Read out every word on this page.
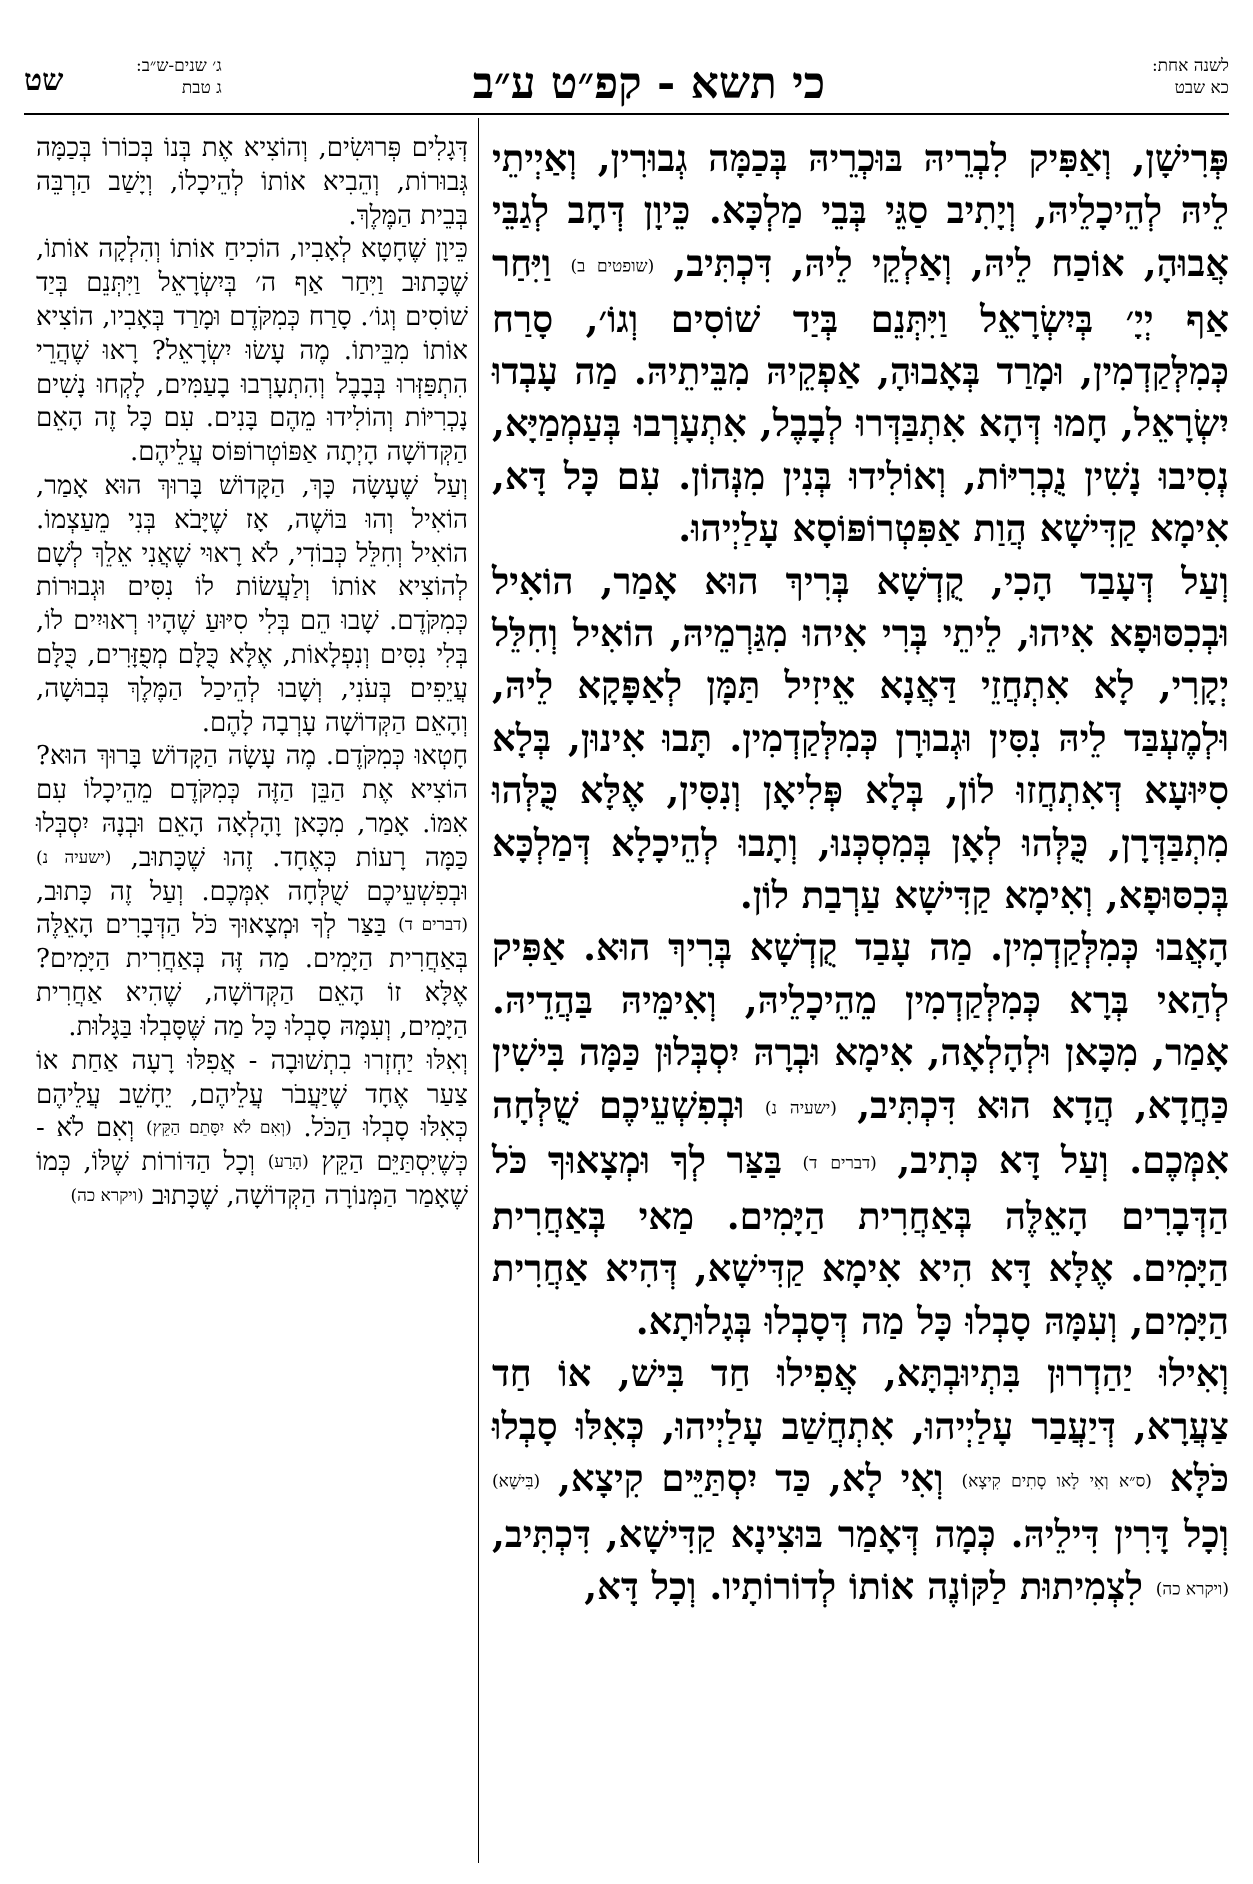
שט	ג׳ שנים-ש״ב:
ג טבת	כי תשא - קפ״ט ע״ב	לשנה אחת:
כא שבט

פְּרִישָׁן, וְאַפִּיק לִבְרֵיהּ בּוּכְרֵיהּ בְּכַמָּה גְבוּרִין, וְאַיְיתֵי לֵיהּ לְהֵיכָלֵיהּ, וְיָתִיב סַגֵּי בְּבֵי מַלְכָּא. כֵּיוָן דְּחָב לְגַבֵּי אֲבוּהָ, אוֹכַח לֵיהּ, וְאַלְקֵי לֵיהּ, דִּכְתִּיב, (שופטים ב) וַיִּחַר אַף יְיָ׳ בְּיִשְׂרָאֵל וַיִּתְּנֵם בְּיַד שׁוֹסִים וְגוֹ׳, סָרַח כְּמִלְּקַדְמִין, וּמָרַד בְּאָבוּהָ, אַפְקֵיהּ מִבֵּיתֵיהּ. מַה עָבְדוּ יִשְׂרָאֵל, חָמוּ דְּהָא אִתְבַּדְּרוּ לְבָבֶל, אִתְעָרְבוּ בְּעַמְמַיָּא, נְסִיבוּ נָשִׁין נֻכְרִיּוֹת, וְאוֹלִידוּ בְּנִין מִנְּהוֹן. עִם כָּל דָּא, אִימָא קַדִּישָׁא הֲוַת אַפִּטְרוֹפּוֹסָא עָלַיְיהוּ.

וְעַל דְּעָבַד הָכִי, קֻדְשָׁא בְּרִיךְ הוּא אָמַר, הוֹאִיל וּבְכִסּוּפָא אִיהוּ, לֵיתֵי בְּרִי אִיהוּ מִגַּרְמֵיהּ, הוֹאִיל וְחִלֵּל יְקָרִי, לָא אִתְחֲזֵי דַּאֲנָא אֵיזִיל תַּמָּן לְאַפָּקָא לֵיהּ, וּלְמֶעְבַּד לֵיהּ נִסִּין וּגְבוּרָן כְּמִלְּקַדְמִין. תָּבוּ אִינוּן, בְּלָא סִיּוּעָא דְּאִתְחֲזוּ לוֹן, בְּלָא פְּלִיאָן וְנִסִּין, אֶלָּא כֻּלְּהוּ מִתְבַּדְּרָן, כֻּלְּהוּ לְאָן בְּמִסְכְּנוּ, וְתָבוּ לְהֵיכָלָא דְּמַלְכָּא בְּכִסּוּפָא, וְאִימָא קַדִּישָׁא עַרְבַת לוֹן.

הָאֲבוּ כְּמִלְּקַדְמִין. מַה עָבַד קֻדְשָׁא בְּרִיךְ הוּא. אַפִּיק לְהַאי בְּרָא כְּמִלְּקַדְמִין מֵהֵיכָלֵיהּ, וְאִימֵּיהּ בַּהֲדֵיהּ. אָמַר, מִכָּאן וּלְהָלְאָה, אִימָא וּבְרָהּ יִסְבְּלוּן כַּמָּה בִּישִׁין כַּחֲדָא, הֲדָא הוּא דִּכְתִּיב, (ישעיה נ) וּבְפִשְׁעֵיכֶם שֻׁלְּחָה אִמְּכֶם. וְעַל דָּא כְּתִיב, (דברים ד) בַּצַּר לְךָ וּמְצָאוּךָ כֹּל הַדְּבָרִים הָאֵלֶּה בְּאַחֲרִית הַיָּמִים. מַאי בְּאַחֲרִית הַיָּמִים. אֶלָּא דָּא הִיא אִימָא קַדִּישָׁא, דְּהִיא אַחֲרִית הַיָּמִים, וְעִמָּהּ סָבְלוּ כָּל מַה דְּסָבְלוּ בְּגָלוּתָא.

וְאִילוּ יַהַדְרוּן בִּתְיוּבְתָּא, אֲפִילוּ חַד בִּישׁ, אוֹ חַד צַעֲרָא, דְּיַעֲבַר עָלַיְיהוּ, אִתְחֲשַׁב עָלַיְיהוּ, כְּאִלּוּ סָבְלוּ כֹּלָּא (ס״א וְאִי לָאו סָתִים קִיצָא) וְאִי לָא, כַּד יִסְתַּיֵּים קִיצָא, (בִּישָׁא) וְכָל דָּרִין דִּילֵיהּ. כְּמָה דְּאָמַר בּוּצִינָא קַדִּישָׁא, דִּכְתִּיב, (ויקרא כה) לִצְמִיתוּת לַקּוֹנֶה אוֹתוֹ לְדוֹרוֹתָיו. וְכָל דָּא,

דְּגָלִים פְּרוּשִׂים, וְהוֹצִיא אֶת בְּנוֹ בְּכוֹרוֹ בְּכַמָּה גְּבוּרוֹת, וְהֵבִיא אוֹתוֹ לְהֵיכָלוֹ, וְיָשַׁב הַרְבֵּה בְּבֵית הַמֶּלֶךְ.

כֵּיוָן שֶׁחָטָא לְאָבִיו, הוֹכִיחַ אוֹתוֹ וְהִלְקָה אוֹתוֹ, שֶׁכָּתוּב וַיִּחַר אַף ה׳ בְּיִשְׂרָאֵל וַיִּתְּנֵם בְּיַד שׁוֹסִים וְגוֹ׳. סָרַח כְּמִקֹּדֶם וּמָרַד בְּאָבִיו, הוֹצִיא אוֹתוֹ מִבֵּיתוֹ. מֶה עָשׂוּ יִשְׂרָאֵל? רָאוּ שֶׁהֲרֵי הִתְפַּזְּרוּ בְּבָבֶל וְהִתְעָרְבוּ בָעַמִּים, לָקְחוּ נָשִׁים נָכְרִיּוֹת וְהוֹלִידוּ מֵהֶם בָּנִים. עִם כָּל זֶה הָאֵם הַקְּדוֹשָׁה הָיְתָה אַפּוֹטְרוֹפּוֹס עֲלֵיהֶם.

וְעַל שֶׁעָשָׂה כָּךְ, הַקָּדוֹשׁ בָּרוּךְ הוּא אָמַר, הוֹאִיל וְהוּ בּוֹשֶׁה, אָז שֶׁיָּבֹא בְּנִי מֵעַצְמוֹ. הוֹאִיל וְחִלֵּל כְּבוֹדִי, לֹא רָאוּי שֶׁאֲנִי אֵלֵךְ לְשָׁם לְהוֹצִיא אוֹתוֹ וְלַעֲשׂוֹת לוֹ נִסִּים וּגְבוּרוֹת כְּמִקֹּדֶם. שָׁבוּ הֵם בְּלִי סִיּוּעַ שֶׁהָיוּ רְאוּיִים לוֹ, בְּלִי נִסִּים וְנִפְלָאוֹת, אֶלָּא כֻּלָּם מְפֻזָּרִים, כֻּלָּם עֲיֵפִים בְּעֹנִי, וְשָׁבוּ לְהֵיכַל הַמֶּלֶךְ בְּבוּשָׁה, וְהָאֵם הַקְּדוֹשָׁה עָרְבָה לָהֶם.

חָטְאוּ כְּמִקֹּדֶם. מֶה עָשָׂה הַקָּדוֹשׁ בָּרוּךְ הוּא? הוֹצִיא אֶת הַבֵּן הַזֶּה כְּמִקֹּדֶם מֵהֵיכָלוֹ עִם אִמּוֹ. אָמַר, מִכָּאן וָהָלְאָה הָאֵם וּבְנָהּ יִסְבְּלוּ כַּמָּה רָעוֹת כְּאֶחָד. זֶהוּ שֶׁכָּתוּב, (ישעיה נ) וּבְפִשְׁעֵיכֶם שֻׁלְּחָה אִמְּכֶם. וְעַל זֶה כָּתוּב, (דברים ד) בַּצַּר לְךָ וּמְצָאוּךָ כֹּל הַדְּבָרִים הָאֵלֶּה בְּאַחֲרִית הַיָּמִים. מַה זֶּה בְּאַחֲרִית הַיָּמִים? אֶלָּא זוֹ הָאֵם הַקְּדוֹשָׁה, שֶׁהִיא אַחֲרִית הַיָּמִים, וְעִמָּהּ סָבְלוּ כָּל מַה שֶּׁסָּבְלוּ בַּגָּלוּת.

וְאִלּוּ יַחְזְרוּ בִתְשׁוּבָה - אֲפִלּוּ רָעָה אַחַת אוֹ צַעַר אֶחָד שֶׁיַּעֲבֹר עֲלֵיהֶם, יֵחָשֵׁב עֲלֵיהֶם כְּאִלּוּ סָבְלוּ הַכֹּל. (וְאִם לֹא יִסָּתֵם הַקֵּץ) וְאִם לֹא - כְּשֶׁיִּסְתַּיֵּם הַקֵּץ (הָרַע) וְכָל הַדּוֹרוֹת שֶׁלּוֹ, כְּמוֹ שֶׁאָמַר הַמְּנוֹרָה הַקְּדוֹשָׁה, שֶׁכָּתוּב (ויקרא כה)
